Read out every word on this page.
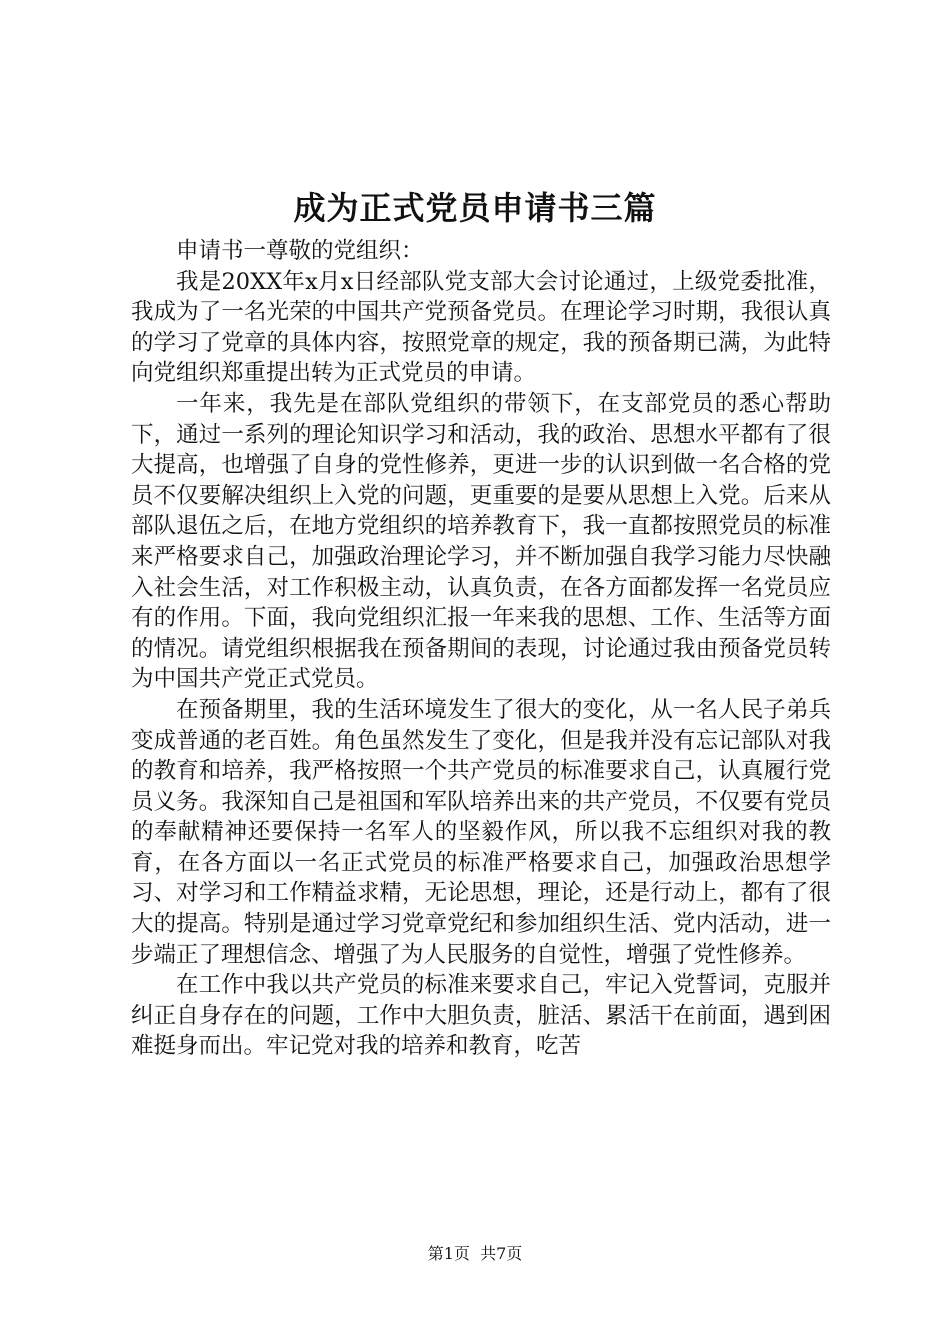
成为正式党员申请书三篇

申请书一尊敬的党组织：

我是20XX年x月x日经部队党支部大会讨论通过，上级党委批准，我成为了一名光荣的中国共产党预备党员。在理论学习时期，我很认真的学习了党章的具体内容，按照党章的规定，我的预备期已满，为此特向党组织郑重提出转为正式党员的申请。

一年来，我先是在部队党组织的带领下，在支部党员的悉心帮助下，通过一系列的理论知识学习和活动，我的政治、思想水平都有了很大提高，也增强了自身的党性修养，更进一步的认识到做一名合格的党员不仅要解决组织上入党的问题，更重要的是要从思想上入党。后来从部队退伍之后，在地方党组织的培养教育下，我一直都按照党员的标准来严格要求自己，加强政治理论学习，并不断加强自我学习能力尽快融入社会生活，对工作积极主动，认真负责，在各方面都发挥一名党员应有的作用。下面，我向党组织汇报一年来我的思想、工作、生活等方面的情况。请党组织根据我在预备期间的表现，讨论通过我由预备党员转为中国共产党正式党员。

在预备期里，我的生活环境发生了很大的变化，从一名人民子弟兵变成普通的老百姓。角色虽然发生了变化，但是我并没有忘记部队对我的教育和培养，我严格按照一个共产党员的标准要求自己，认真履行党员义务。我深知自己是祖国和军队培养出来的共产党员，不仅要有党员的奉献精神还要保持一名军人的坚毅作风，所以我不忘组织对我的教育，在各方面以一名正式党员的标准严格要求自己，加强政治思想学习、对学习和工作精益求精，无论思想，理论，还是行动上，都有了很大的提高。特别是通过学习党章党纪和参加组织生活、党内活动，进一步端正了理想信念、增强了为人民服务的自觉性，增强了党性修养。

在工作中我以共产党员的标准来要求自己，牢记入党誓词，克服并纠正自身存在的问题，工作中大胆负责，脏活、累活干在前面，遇到困难挺身而出。牢记党对我的培养和教育，吃苦

第1页  共7页
